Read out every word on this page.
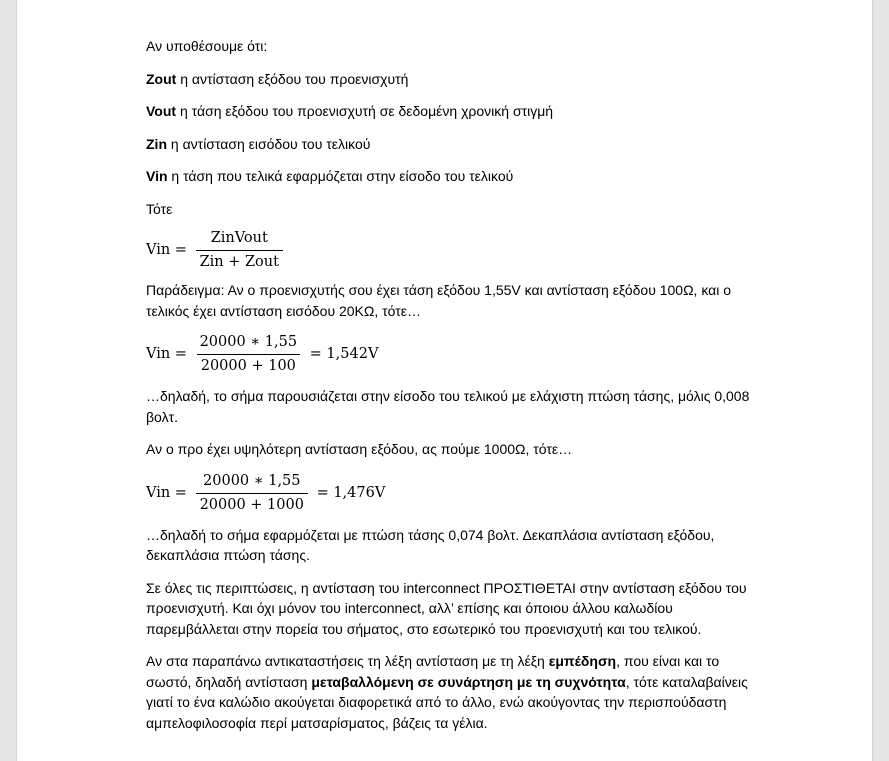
Αν υποθέσουμε ότι:

Zout η αντίσταση εξόδου του προενισχυτή

Vout η τάση εξόδου του προενισχυτή σε δεδομένη χρονική στιγμή

Zin η αντίσταση εισόδου του τελικού

Vin η τάση που τελικά εφαρμόζεται στην είσοδο του τελικού

Τότε

Vin = $\frac{\text{ZinVout}}{\text{Zin + Zout}}$

Παράδειγμα: Αν ο προενισχυτής σου έχει τάση εξόδου 1,55V και αντίσταση εξόδου 100Ω, και ο τελικός έχει αντίσταση εισόδου 20ΚΩ, τότε…

Vin = $\frac{20000 ∗ 1,55}{20000 + 100} = 1,542V$

…δηλαδή, το σήμα παρουσιάζεται στην είσοδο του τελικού με ελάχιστη πτώση τάσης, μόλις 0,008 βολτ.

Αν ο προ έχει υψηλότερη αντίσταση εξόδου, ας πούμε 1000Ω, τότε…

Vin = $\frac{20000 ∗ 1,55}{20000 + 1000} = 1,476V$

…δηλαδή το σήμα εφαρμόζεται με πτώση τάσης 0,074 βολτ. Δεκαπλάσια αντίσταση εξόδου, δεκαπλάσια πτώση τάσης.

Σε όλες τις περιπτώσεις, η αντίσταση του interconnect ΠΡΟΣΤΙΘΕΤΑΙ στην αντίσταση εξόδου του προενισχυτή. Και όχι μόνον του interconnect, αλλ’ επίσης και όποιου άλλου καλωδίου παρεμβάλλεται στην πορεία του σήματος, στο εσωτερικό του προενισχυτή και του τελικού.

Αν στα παραπάνω αντικαταστήσεις τη λέξη αντίσταση με τη λέξη εμπέδηση, που είναι και το σωστό, δηλαδή αντίσταση μεταβαλλόμενη σε συνάρτηση με τη συχνότητα, τότε καταλαβαίνεις γιατί το ένα καλώδιο ακούγεται διαφορετικά από το άλλο, ενώ ακούγοντας την περισπούδαστη αμπελοφιλοσοφία περί ματσαρίσματος, βάζεις τα γέλια.
